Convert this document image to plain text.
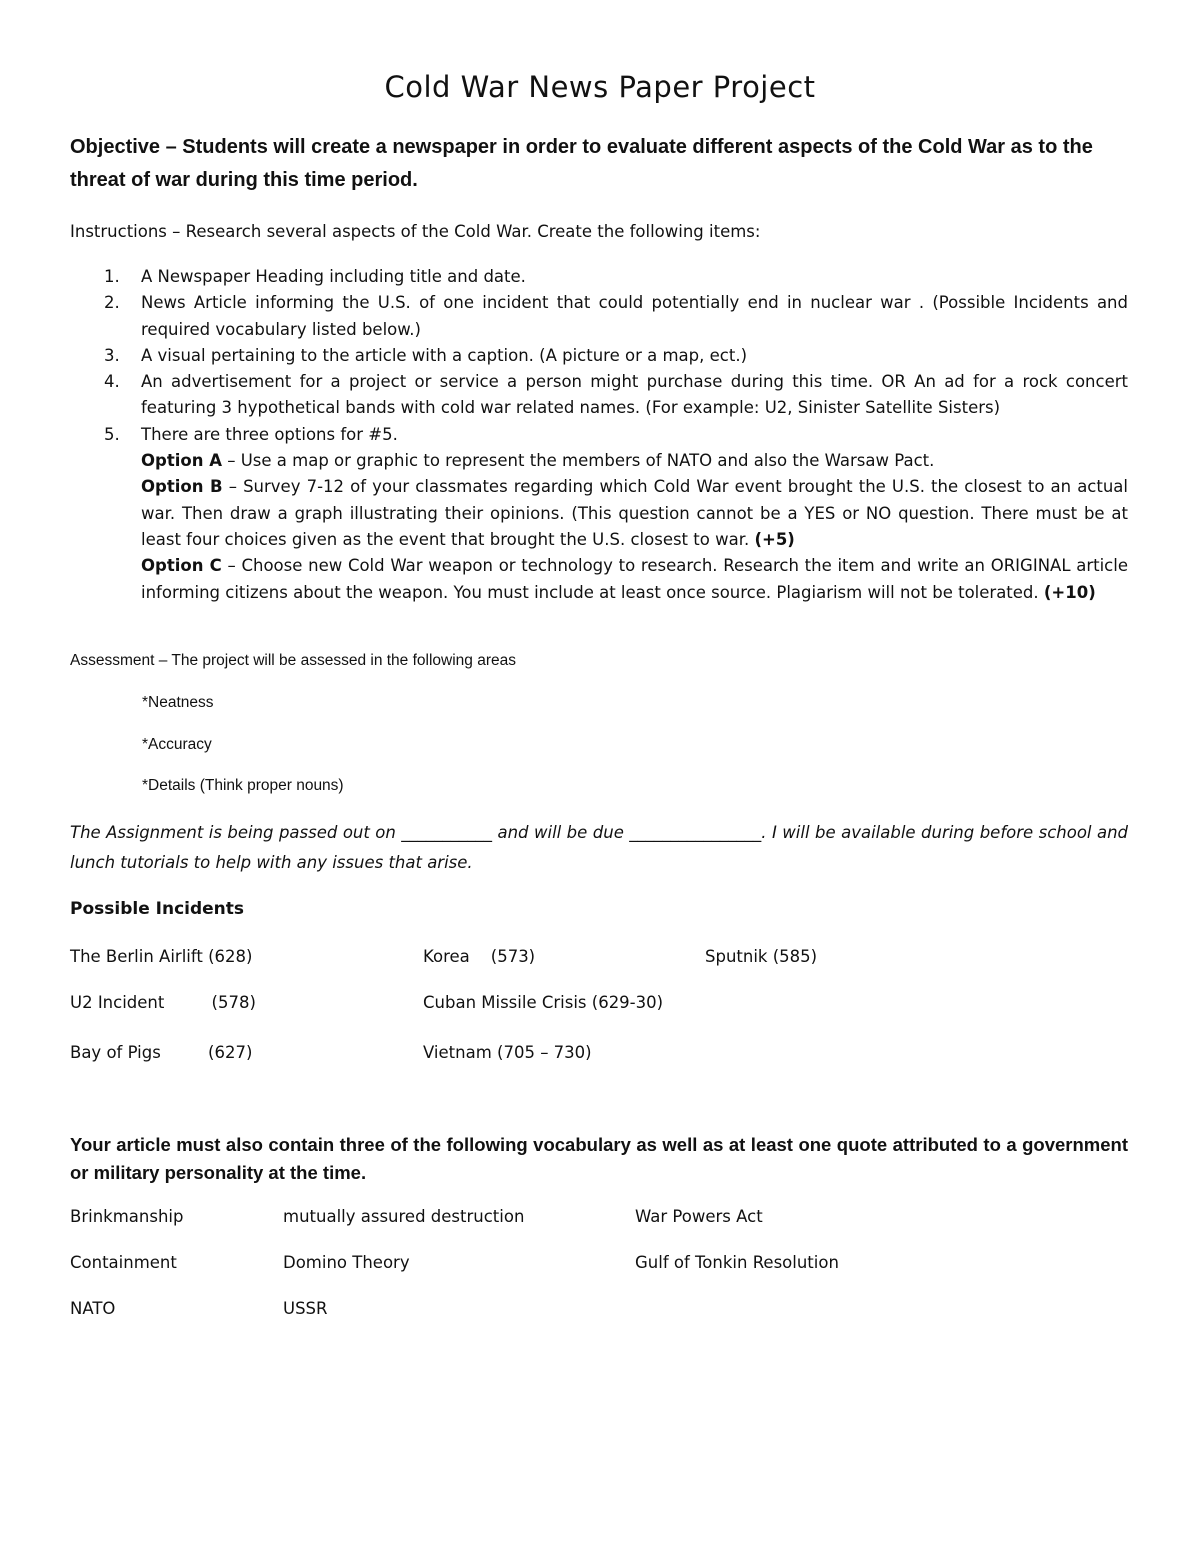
Cold War News Paper Project

Objective – Students will create a newspaper in order to evaluate different aspects of the Cold War as to the threat of war during this time period.

Instructions – Research several aspects of the Cold War. Create the following items:

1. A Newspaper Heading including title and date.
2. News Article informing the U.S. of one incident that could potentially end in nuclear war . (Possible Incidents and required vocabulary listed below.)
3. A visual pertaining to the article with a caption. (A picture or a map, ect.)
4. An advertisement for a project or service a person might purchase during this time. OR An ad for a rock concert featuring 3 hypothetical bands with cold war related names. (For example: U2, Sinister Satellite Sisters)
5. There are three options for #5.
Option A – Use a map or graphic to represent the members of NATO and also the Warsaw Pact.
Option B – Survey 7-12 of your classmates regarding which Cold War event brought the U.S. the closest to an actual war. Then draw a graph illustrating their opinions. (This question cannot be a YES or NO question. There must be at least four choices given as the event that brought the U.S. closest to war. (+5)
Option C – Choose new Cold War weapon or technology to research. Research the item and write an ORIGINAL article informing citizens about the weapon. You must include at least once source. Plagiarism will not be tolerated. (+10)

Assessment – The project will be assessed in the following areas

*Neatness

*Accuracy

*Details (Think proper nouns)

The Assignment is being passed out on ___________ and will be due ________________. I will be available during before school and lunch tutorials to help with any issues that arise.

Possible Incidents

The Berlin Airlift (628)	Korea    (573)	Sputnik (585)

U2 Incident         (578)	Cuban Missile Crisis (629-30)

Bay of Pigs         (627)	Vietnam (705 – 730)

Your article must also contain three of the following vocabulary as well as at least one quote attributed to a government or military personality at the time.

Brinkmanship	mutually assured destruction	War Powers Act

Containment	Domino Theory	Gulf of Tonkin Resolution

NATO	USSR
